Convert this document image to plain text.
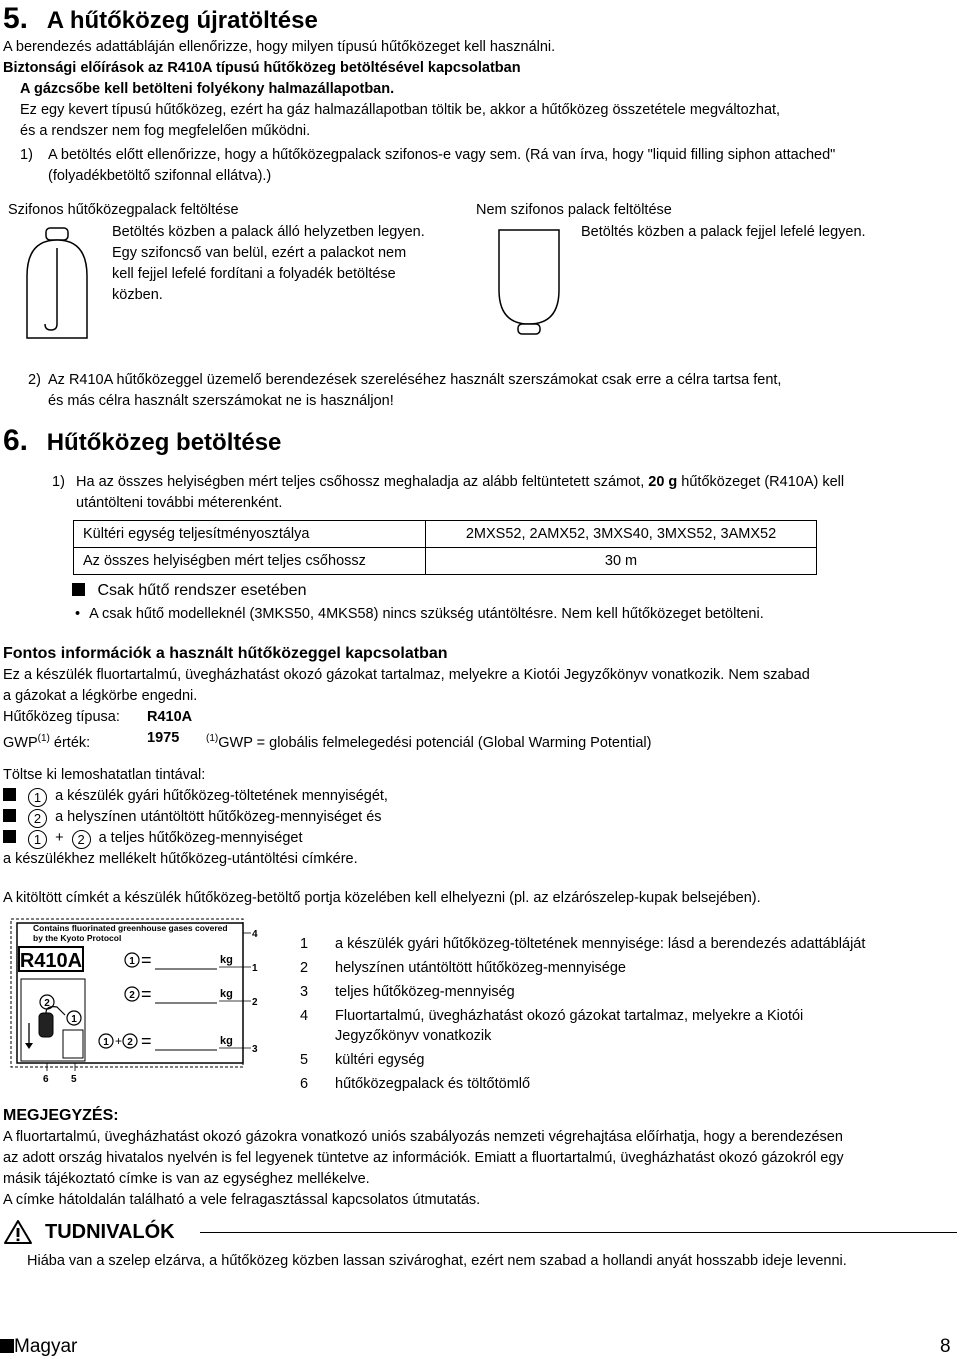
5. A hűtőközeg újratöltése
A berendezés adattábláján ellenőrizze, hogy milyen típusú hűtőközeget kell használni.
Biztonsági előírások az R410A típusú hűtőközeg betöltésével kapcsolatban
A gázcsőbe kell betölteni folyékony halmazállapotban.
Ez egy kevert típusú hűtőközeg, ezért ha gáz halmazállapotban töltik be, akkor a hűtőközeg összetétele megváltozhat,
és a rendszer nem fog megfelelően működni.
1) A betöltés előtt ellenőrizze, hogy a hűtőközegpalack szifonos-e vagy sem. (Rá van írva, hogy "liquid filling siphon attached"
(folyadékbetöltő szifonnal ellátva).)
Szifonos hűtőközegpalack feltöltése	Nem szifonos palack feltöltése
Betöltés közben a palack álló helyzetben legyen.
Egy szifoncső van belül, ezért a palackot nem
kell fejjel lefelé fordítani a folyadék betöltése
közben.
Betöltés közben a palack fejjel lefelé legyen.
2) Az R410A hűtőközeggel üzemelő berendezések szereléséhez használt szerszámokat csak erre a célra tartsa fent,
és más célra használt szerszámokat ne is használjon!
6. Hűtőközeg betöltése
1) Ha az összes helyiségben mért teljes csőhossz meghaladja az alább feltüntetett számot, 20 g hűtőközeget (R410A) kell
utántölteni további méterenként.
Kültéri egység teljesítményosztálya	2MXS52, 2AMX52, 3MXS40, 3MXS52, 3AMX52
Az összes helyiségben mért teljes csőhossz	30 m
Csak hűtő rendszer esetében
• A csak hűtő modelleknél (3MKS50, 4MKS58) nincs szükség utántöltésre. Nem kell hűtőközeget betölteni.
Fontos információk a használt hűtőközeggel kapcsolatban
Ez a készülék fluortartalmú, üvegházhatást okozó gázokat tartalmaz, melyekre a Kiotói Jegyzőkönyv vonatkozik. Nem szabad
a gázokat a légkörbe engedni.
Hűtőközeg típusa: R410A
GWP$^{(1)}$ érték:	1975	$^{(1)}$GWP = globális felmelegedési potenciál (Global Warming Potential)
Töltse ki lemoshatatlan tintával:
1 a készülék gyári hűtőközeg-töltetének mennyiségét,
2 a helyszínen utántöltött hűtőközeg-mennyiséget és
1 + 2 a teljes hűtőközeg-mennyiséget
a készülékhez mellékelt hűtőközeg-utántöltési címkére.
A kitöltött címkét a készülék hűtőközeg-betöltő portja közelében kell elhelyezni (pl. az elzárószelep-kupak belsejében).
Contains fluorinated greenhouse gases covered
by the Kyoto Protocol
R410A	1 =	kg
2 =	kg
1 + 2 =	kg
2
1
4
1
2
3
6 5
1 a készülék gyári hűtőközeg-töltetének mennyisége: lásd a berendezés adattábláját
2 helyszínen utántöltött hűtőközeg-mennyisége
3 teljes hűtőközeg-mennyiség
4 Fluortartalmú, üvegházhatást okozó gázokat tartalmaz, melyekre a Kiotói
Jegyzőkönyv vonatkozik
5 kültéri egység
6 hűtőközegpalack és töltőtömlő
MEGJEGYZÉS:
A fluortartalmú, üvegházhatást okozó gázokra vonatkozó uniós szabályozás nemzeti végrehajtása előírhatja, hogy a berendezésen
az adott ország hivatalos nyelvén is fel legyenek tüntetve az információk. Emiatt a fluortartalmú, üvegházhatást okozó gázokról egy
másik tájékoztató címke is van az egységhez mellékelve.
A címke hátoldalán található a vele felragasztással kapcsolatos útmutatás.
TUDNIVALÓK
Hiába van a szelep elzárva, a hűtőközeg közben lassan szivároghat, ezért nem szabad a hollandi anyát hosszabb ideje levenni.
Magyar	8
